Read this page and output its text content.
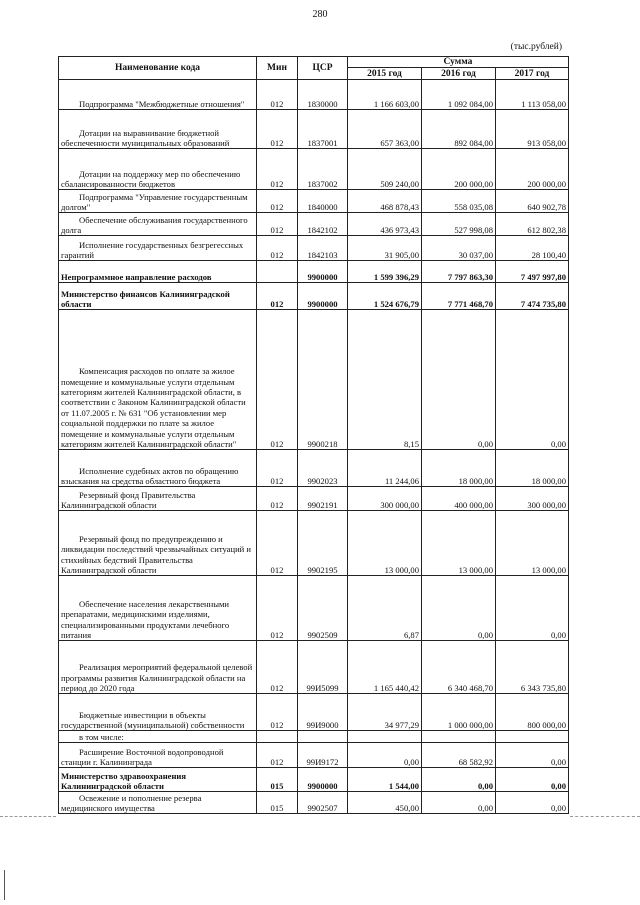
280
(тыс.рублей)
Наименование кода	Мин	ЦСР	Сумма		
			2015 год	2016 год	2017 год

Подпрограмма "Межбюджетные отношения"	012	1830000	1 166 603,00	1 092 084,00	1 113 058,00

Дотации на выравнивание бюджетной обеспеченности муниципальных образований	012	1837001	657 363,00	892 084,00	913 058,00

Дотации на поддержку мер по обеспечению сбалансированности бюджетов	012	1837002	509 240,00	200 000,00	200 000,00

Подпрограмма "Управление государственным долгом"	012	1840000	468 878,43	558 035,08	640 902,78

Обеспечение обслуживания государственного долга	012	1842102	436 973,43	527 998,08	612 802,38

Исполнение государственных безгрегессных гарантий	012	1842103	31 905,00	30 037,00	28 100,40

Непрограммное направление расходов		9900000	1 599 396,29	7 797 863,30	7 497 997,80

Министерство финансов Калининградской области	012	9900000	1 524 676,79	7 771 468,70	7 474 735,80

Компенсация расходов по оплате за жилое помещение и коммунальные услуги отдельным категориям жителей Калининградской области, в соответствии с Законом Калининградской области от 11.07.2005 г. № 631 "Об установлении мер социальной поддержки по плате за жилое помещение и коммунальные услуги отдельным категориям жителей Калининградской области"	012	9900218	8,15	0,00	0,00

Исполнение судебных актов по обращению взыскания на средства областного бюджета	012	9902023	11 244,06	18 000,00	18 000,00

Резервный фонд Правительства Калининградской области	012	9902191	300 000,00	400 000,00	300 000,00

Резервный фонд по предупреждению и ликвидации последствий чрезвычайных ситуаций и стихийных бедствий Правительства Калининградской области	012	9902195	13 000,00	13 000,00	13 000,00

Обеспечение населения лекарственными препаратами, медицинскими изделиями, специализированными продуктами лечебного питания	012	9902509	6,87	0,00	0,00

Реализация мероприятий федеральной целевой программы развития Калининградской области на период до 2020 года	012	99И5099	1 165 440,42	6 340 468,70	6 343 735,80

Бюджетные инвестиции в объекты государственной (муниципальной) собственности	012	99И9000	34 977,29	1 000 000,00	800 000,00

в том числе:					

Расширение Восточной водопроводной станции г. Калининграда	012	99И9172	0,00	68 582,92	0,00

Министерство здравоохранения Калининградской области	015	9900000	1 544,00	0,00	0,00

Освежение и пополнение резерва медицинского имущества	015	9902507	450,00	0,00	0,00
